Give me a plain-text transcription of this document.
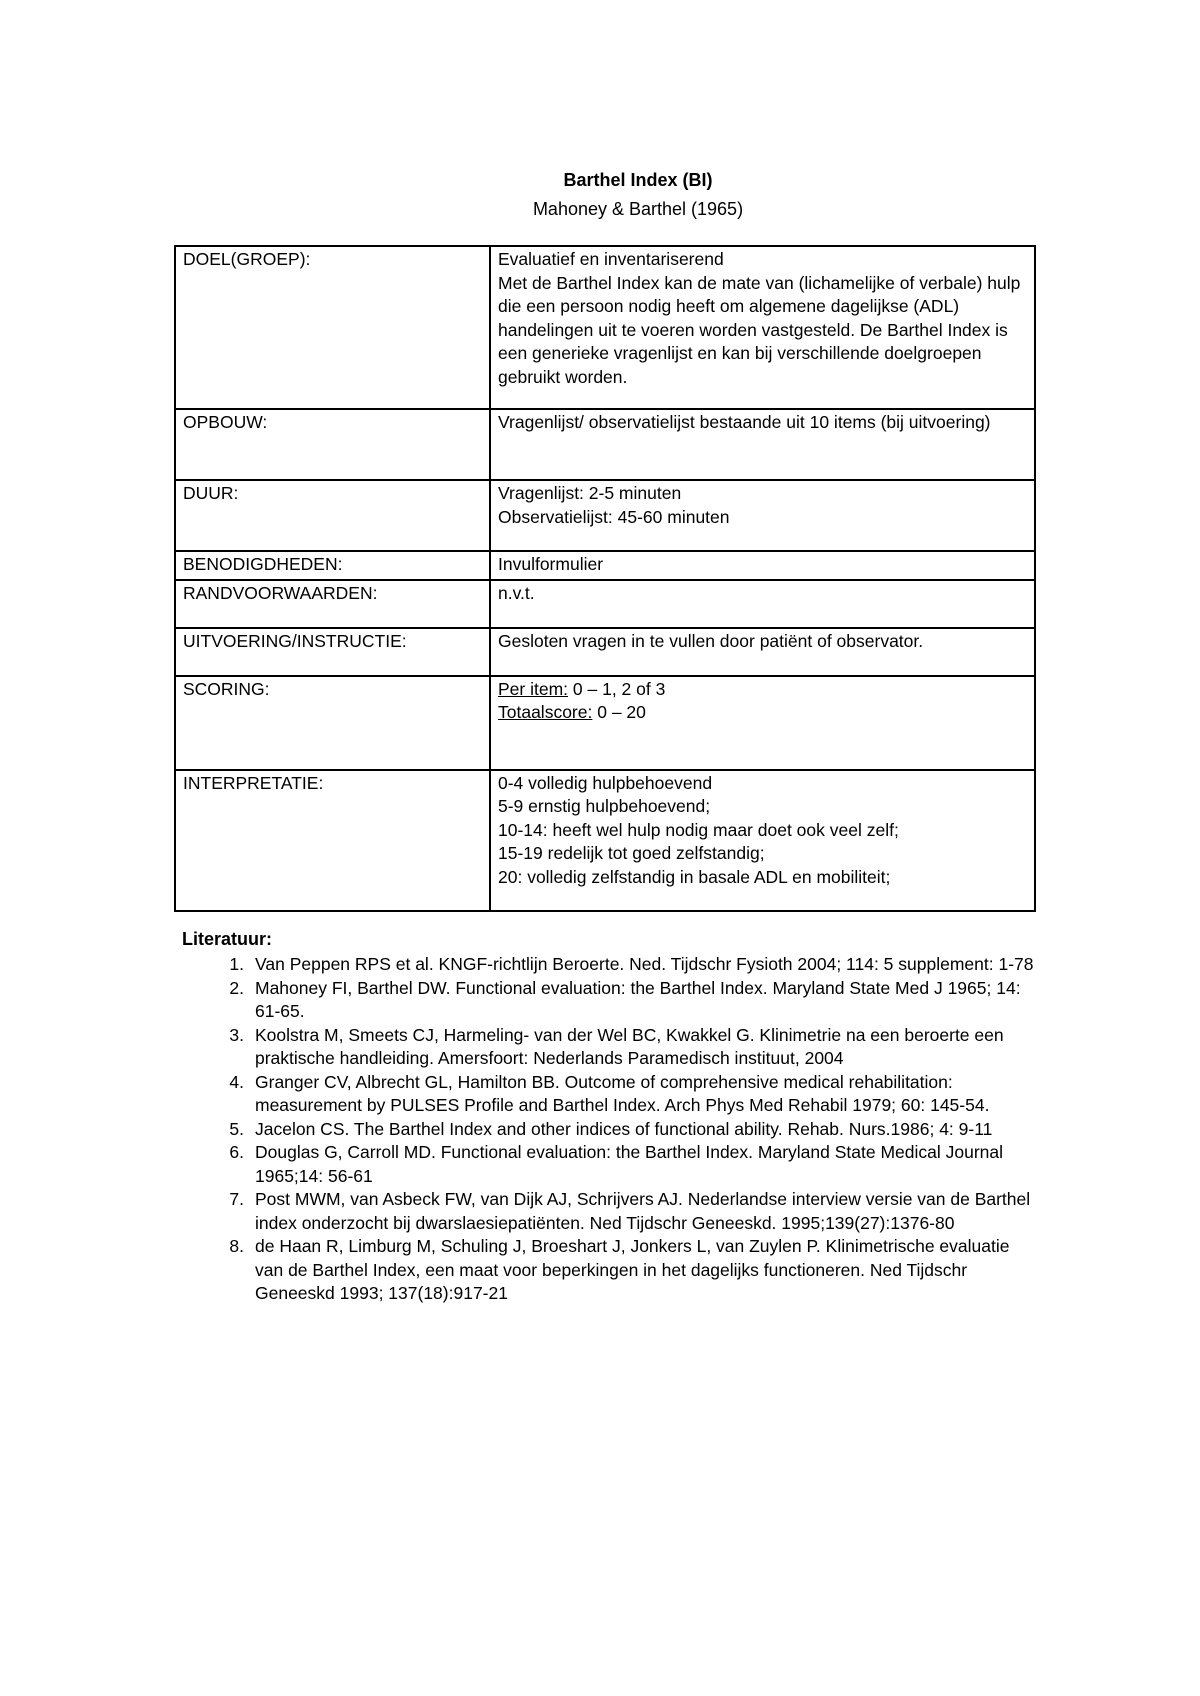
Barthel Index (BI)
Mahoney & Barthel (1965)
DOEL(GROEP):	Evaluatief en inventariserend
Met de Barthel Index kan de mate van (lichamelijke of verbale) hulp die een persoon nodig heeft om algemene dagelijkse (ADL) handelingen uit te voeren worden vastgesteld. De Barthel Index is een generieke vragenlijst en kan bij verschillende doelgroepen gebruikt worden.

OPBOUW:	Vragenlijst/ observatielijst bestaande uit 10 items (bij uitvoering)
DUUR:	Vragenlijst: 2-5 minuten
Observatielijst: 45-60 minuten

BENODIGDHEDEN:	Invulformulier
RANDVOORWAARDEN:	n.v.t.
UITVOERING/INSTRUCTIE:	Gesloten vragen in te vullen door patiënt of observator.
SCORING:	Per item: 0 – 1, 2 of 3
Totaalscore: 0 – 20

INTERPRETATIE:	0-4 volledig hulpbehoevend
5-9 ernstig hulpbehoevend;
10-14: heeft wel hulp nodig maar doet ook veel zelf;
15-19 redelijk tot goed zelfstandig;
20: volledig zelfstandig in basale ADL en mobiliteit;
Literatuur:
1. Van Peppen RPS et al. KNGF-richtlijn Beroerte. Ned. Tijdschr Fysioth 2004; 114: 5 supplement: 1-78
2. Mahoney FI, Barthel DW. Functional evaluation: the Barthel Index. Maryland State Med J 1965; 14: 61-65.
3. Koolstra M, Smeets CJ, Harmeling- van der Wel BC, Kwakkel G. Klinimetrie na een beroerte een praktische handleiding. Amersfoort: Nederlands Paramedisch instituut, 2004
4. Granger CV, Albrecht GL, Hamilton BB. Outcome of comprehensive medical rehabilitation: measurement by PULSES Profile and Barthel Index. Arch Phys Med Rehabil 1979; 60: 145-54.
5. Jacelon CS. The Barthel Index and other indices of functional ability. Rehab. Nurs.1986; 4: 9-11
6. Douglas G, Carroll MD. Functional evaluation: the Barthel Index. Maryland State Medical Journal 1965;14: 56-61
7. Post MWM, van Asbeck FW, van Dijk AJ, Schrijvers AJ. Nederlandse interview versie van de Barthel index onderzocht bij dwarslaesiepatiënten. Ned Tijdschr Geneeskd. 1995;139(27):1376-80
8. de Haan R, Limburg M, Schuling J, Broeshart J, Jonkers L, van Zuylen P. Klinimetrische evaluatie van de Barthel Index, een maat voor beperkingen in het dagelijks functioneren. Ned Tijdschr Geneeskd 1993; 137(18):917-21
